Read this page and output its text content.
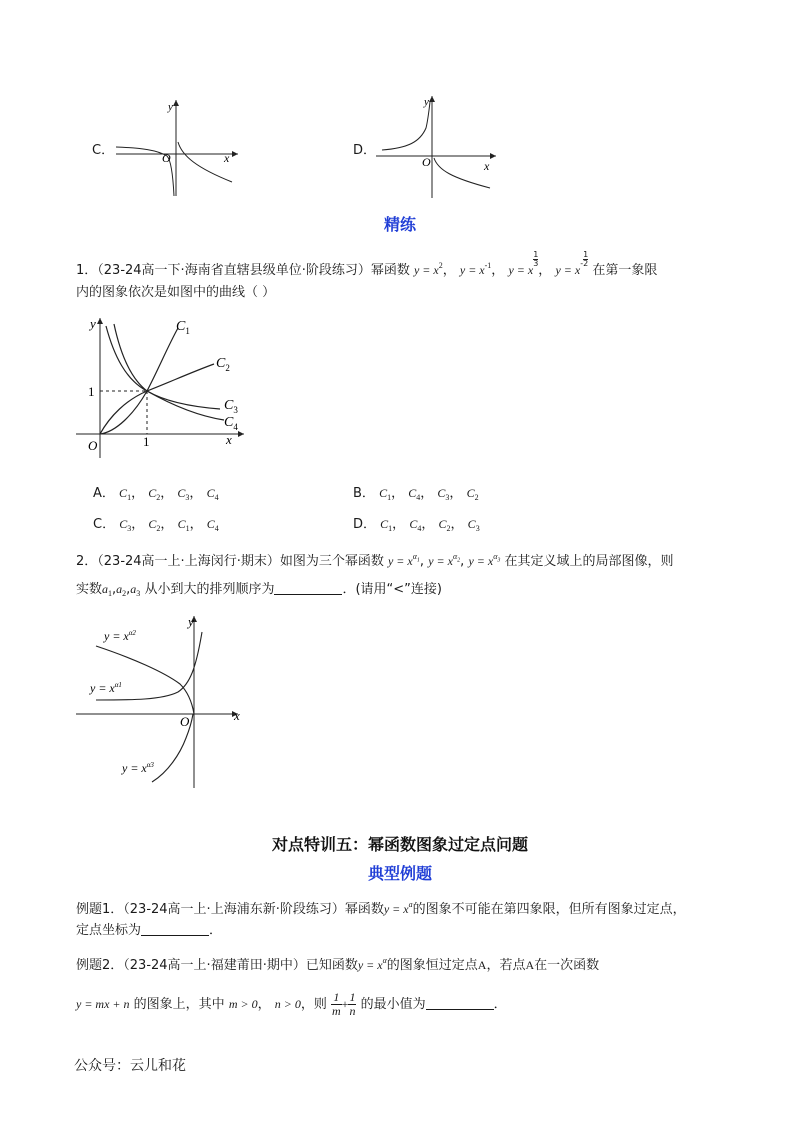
C．
y
x
O	D．
y
x
O
精练
1．（23-24高一下·海南省直辖县级单位·阶段练习）幂函数 $y = x^2$， $y = x^{-1}$， y = x
$\frac{1}{3}$
， $y = x^- \frac{1}{2}$
在第一象限
内的图象依次是如图中的曲线（ ）
y
x
O
1
1
$C_1$
$C_2$
$C_3$
$C_4$
A． $C_1$， $C_2$， $C_3$， $C_4$	B． $C_1$， $C_4$， $C_3$， $C_2$
C． $C_3$， $C_2$， $C_1$， $C_4$	D． $C_1$， $C_4$， $C_2$， $C_3$
2．（23-24高一上·上海闵行·期末）如图为三个幂函数 $y = x^{\alpha_1}$, $y = x^{\alpha_2}$, $y = x^{\alpha_3}$ 在其定义域上的局部图像，则
实数$a_1,a_2,a_3$ 从小到大的排列顺序为	．(请用“<”连接)
y
x
O
$y = x^{\alpha 2}$
$y = x^{\alpha 1}$
$y = x^{\alpha 3}$
对点特训五：幂函数图象过定点问题
典型例题
例题1．（23-24高一上·上海浦东新·阶段练习）幂函数$y = x^a$的图象不可能在第四象限，但所有图象过定点，
定点坐标为	．
例题2．（23-24高一上·福建莆田·期中）已知函数$y = x^\alpha$的图象恒过定点A，若点A在一次函数
y = mx + n 的图象上，其中 m > 0， n > 0，则 $\frac{1}{m} + \frac{1}{n}$ 的最小值为	．
公众号：云儿和花
